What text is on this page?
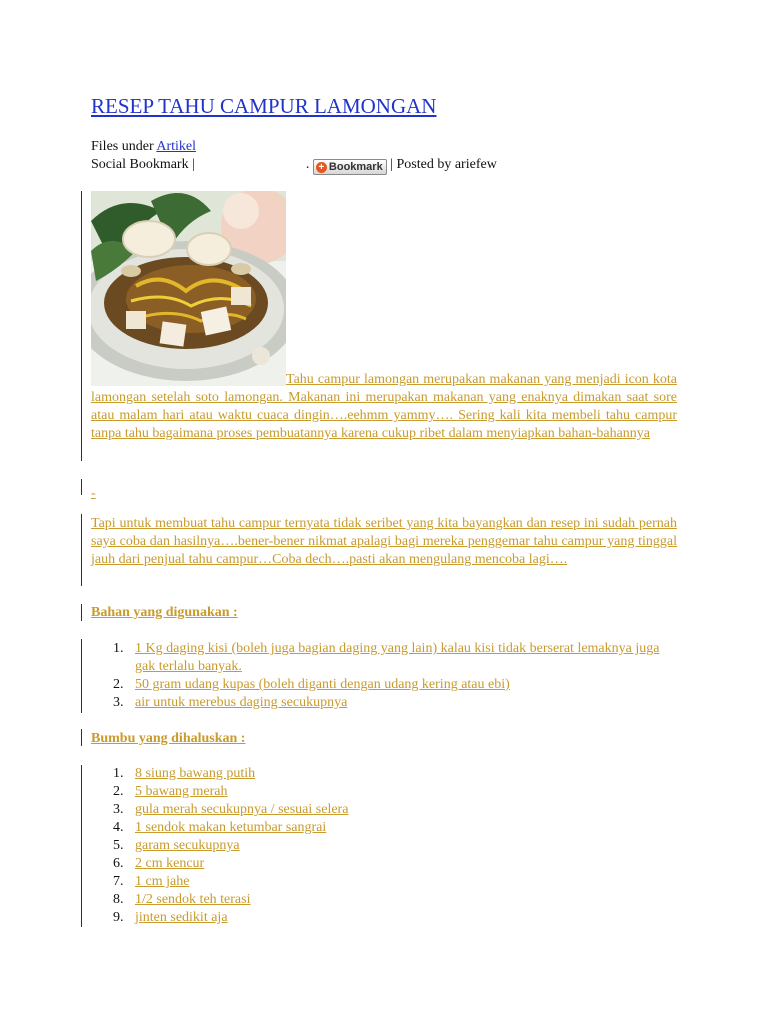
RESEP TAHU CAMPUR LAMONGAN
Files under Artikel
Social Bookmark |	. + Bookmark | Posted by ariefew

Tahu campur lamongan merupakan makanan yang menjadi icon kota lamongan setelah soto lamongan. Makanan ini merupakan makanan yang enaknya dimakan saat sore atau malam hari atau waktu cuaca dingin….eehmm yammy…. Sering kali kita membeli tahu campur tanpa tahu bagaimana proses pembuatannya karena cukup ribet dalam menyiapkan bahan-bahannya

-

Tapi untuk membuat tahu campur ternyata tidak seribet yang kita bayangkan dan resep ini sudah pernah saya coba dan hasilnya….bener-bener nikmat apalagi bagi mereka penggemar tahu campur yang tinggal jauh dari penjual tahu campur…Coba dech….pasti akan mengulang mencoba lagi….

Bahan yang digunakan :
1. 1 Kg daging kisi (boleh juga bagian daging yang lain) kalau kisi tidak berserat lemaknya juga gak terlalu banyak.
2. 50 gram udang kupas (boleh diganti dengan udang kering atau ebi)
3. air untuk merebus daging secukupnya
Bumbu yang dihaluskan :
1. 8 siung bawang putih
2. 5 bawang merah
3. gula merah secukupnya / sesuai selera
4. 1 sendok makan ketumbar sangrai
5. garam secukupnya
6. 2 cm kencur
7. 1 cm jahe
8. 1/2 sendok teh terasi
9. jinten sedikit aja
